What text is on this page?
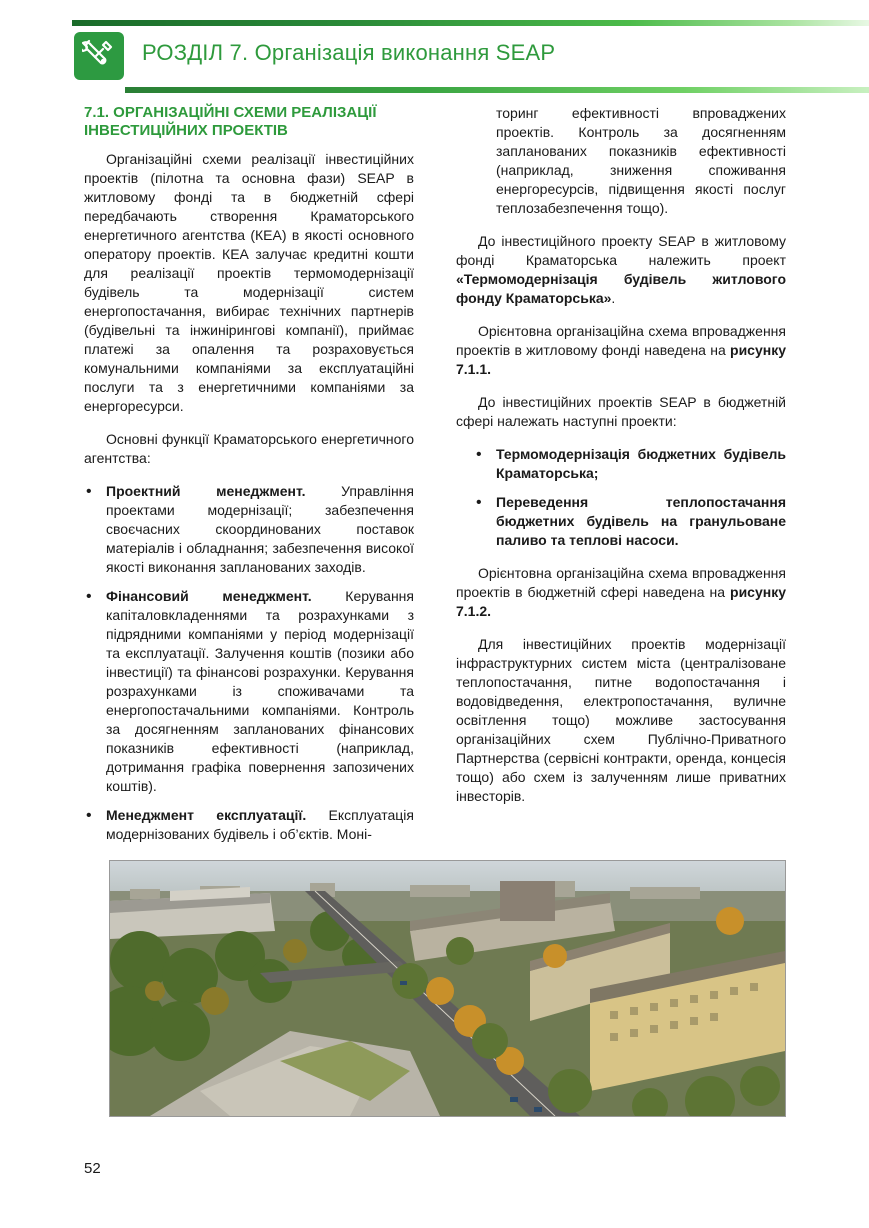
РОЗДІЛ 7. Організація виконання SEAP
7.1. ОРГАНІЗАЦІЙНІ СХЕМИ РЕАЛІЗАЦІЇ
ІНВЕСТИЦІЙНИХ ПРОЕКТІВ

Організаційні схеми реалізації інвестиційних проектів (пілотна та основна фази) SEAP в житловому фонді та в бюджетній сфері передбачають створення Краматорського енергетичного агентства (КЕА) в якості основного оператору проектів. КЕА залучає кредитні кошти для реалізації проектів термомодернізації будівель та модернізації систем енергопостачання, вибирає технічних партнерів (будівельні та інжинірингові компанії), приймає платежі за опалення та розраховується комунальними компаніями за експлуатаційні послуги та з енергетичними компаніями за енергоресурси.

Основні функції Краматорського енергетичного агентства:

• Проектний менеджмент. Управління проектами модернізації; забезпечення своєчасних скоординованих поставок матеріалів і обладнання; забезпечення високої якості виконання запланованих заходів.
• Фінансовий менеджмент. Керування капіталовкладеннями та розрахунками з підрядними компаніями у період модернізації та експлуатації. Залучення коштів (позики або інвестиції) та фінансові розрахунки. Керування розрахунками із споживачами та енергопостачальними компаніями. Контроль за досягненням запланованих фінансових показників ефективності (наприклад, дотримання графіка повернення запозичених коштів).
• Менеджмент експлуатації. Експлуатація модернізованих будівель і об’єктів. Моні-

торинг ефективності впроваджених проектів. Контроль за досягненням запланованих показників ефективності (наприклад, зниження споживання енергоресурсів, підвищення якості послуг теплозабезпечення тощо).

До інвестиційного проекту SEAP в житловому фонді Краматорська належить проект «Термомодернізація будівель житлового фонду Краматорська».

Орієнтовна організаційна схема впровадження проектів в житловому фонді наведена на рисунку 7.1.1.

До інвестиційних проектів SEAP в бюджетній сфері належать наступні проекти:

• Термомодернізація бюджетних будівель Краматорська;
• Переведення теплопостачання бюджетних будівель на гранульоване паливо та теплові насоси.

Орієнтовна організаційна схема впровадження проектів в бюджетній сфері наведена на рисунку 7.1.2.

Для інвестиційних проектів модернізації інфраструктурних систем міста (централізоване теплопостачання, питне водопостачання і водовідведення, електропостачання, вуличне освітлення тощо) можливе застосування організаційних схем Публічно-Приватного Партнерства (сервісні контракти, оренда, концесія тощо) або схем із залученням лише приватних інвесторів.

52
